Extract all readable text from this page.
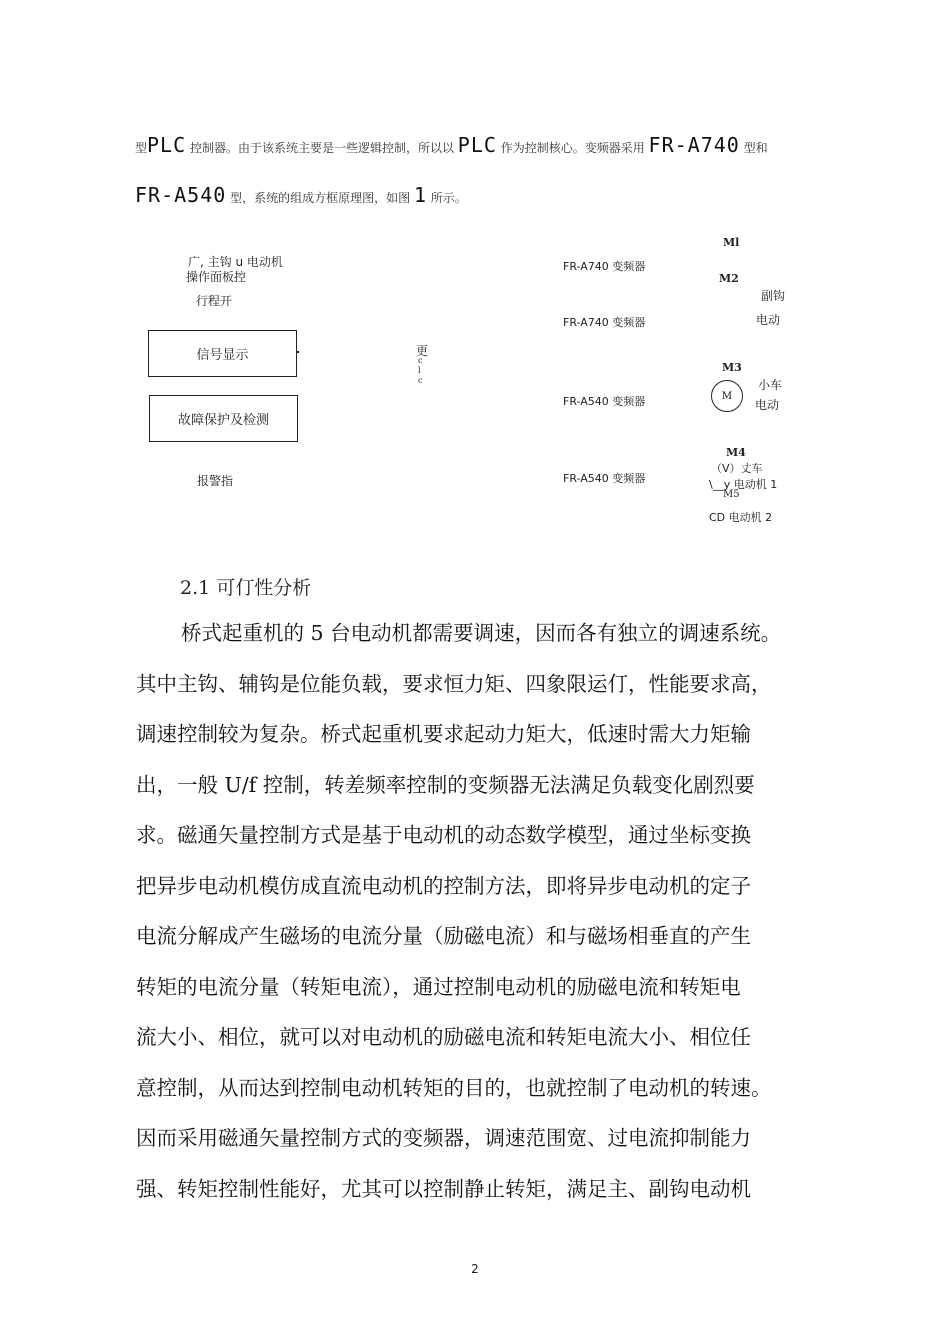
型PLC 控制器。由于该系统主要是一些逻辑控制，所以以 PLC 作为控制核心。变频器采用 FR-A740 型和
FR-A540 型，系统的组成方框原理图，如图 1 所示。
广, 主钩 u 电动机
操作面板控
行程开
信号显示
故障保护及检测
报警指
更
c
l
c
FR-A740 变频器
FR-A740 变频器
FR-A540 变频器
FR-A540 变频器
Ml
M2
副钩
电动
M3
M
小车
电动
M4
（V）丈车
\__y 电动机 1
M5
CD 电动机 2
2.1 可仃性分析
桥式起重机的 5 台电动机都需要调速，因而各有独立的调速系统。
其中主钩、辅钩是位能负载，要求恒力矩、四象限运仃，性能要求高，
调速控制较为复杂。桥式起重机要求起动力矩大，低速时需大力矩输
出，一般 U/f 控制，转差频率控制的变频器无法满足负载变化剧烈要
求。磁通矢量控制方式是基于电动机的动态数学模型，通过坐标变换
把异步电动机模仿成直流电动机的控制方法，即将异步电动机的定子
电流分解成产生磁场的电流分量（励磁电流）和与磁场相垂直的产生
转矩的电流分量（转矩电流），通过控制电动机的励磁电流和转矩电
流大小、相位，就可以对电动机的励磁电流和转矩电流大小、相位任
意控制，从而达到控制电动机转矩的目的，也就控制了电动机的转速。
因而采用磁通矢量控制方式的变频器，调速范围宽、过电流抑制能力
强、转矩控制性能好，尤其可以控制静止转矩，满足主、副钩电动机
2
